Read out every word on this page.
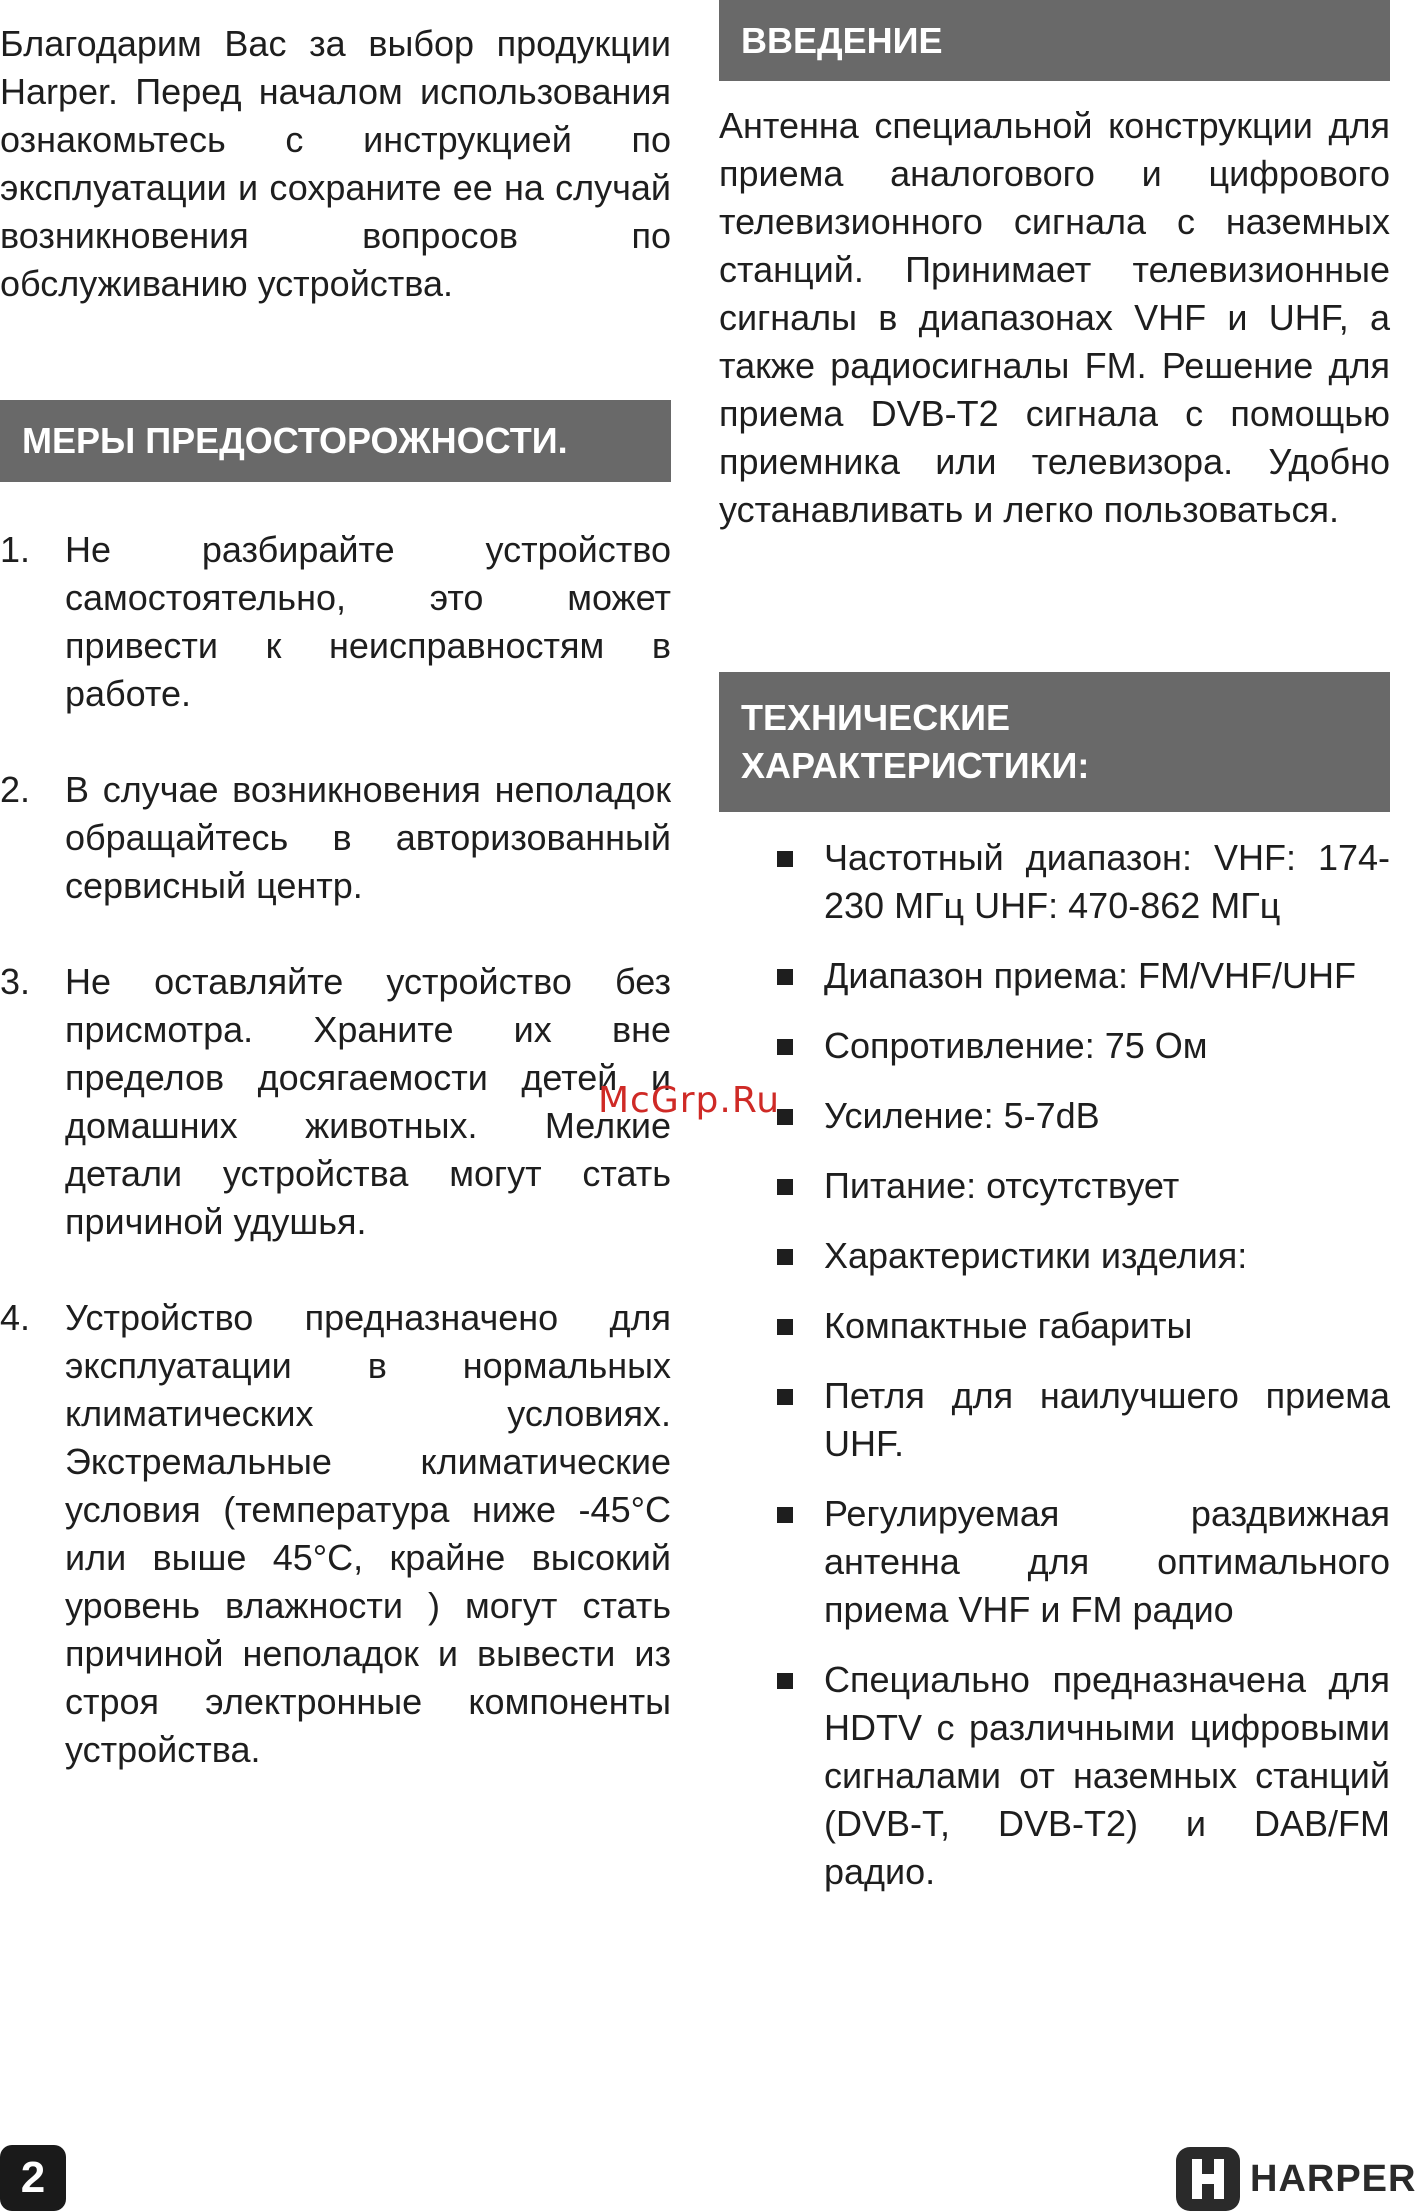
Благодарим Вас за выбор продукции Harper. Перед началом использования ознакомьтесь с инструкцией по эксплуатации и сохраните ее на случай возникновения вопросов по обслуживанию устройства.

МЕРЫ ПРЕДОСТОРОЖНОСТИ.
1. Не разбирайте устройство самостоятельно, это может привести к неисправностям в работе.
2. В случае возникновения неполадок обращайтесь в авторизованный сервисный центр.
3. Не оставляйте устройство без присмотра. Храните их вне пределов досягаемости детей и домашних животных. Мелкие детали устройства могут стать причиной удушья.
4. Устройство предназначено для эксплуатации в нормальных климатических условиях. Экстремальные климатические условия (температура ниже -45°С или выше 45°С, крайне высокий уровень влажности ) могут стать причиной неполадок и вывести из строя электронные компоненты устройства.
ВВЕДЕНИЕ

Антенна специальной конструкции для приема аналогового и цифрового телевизионного сигнала с наземных станций. Принимает телевизионные сигналы в диапазонах VHF и UHF, а также радиосигналы FM. Решение для приема DVB-T2 сигнала с помощью приемника или телевизора. Удобно устанавливать и легко пользоваться.

ТЕХНИЧЕСКИЕ ХАРАКТЕРИСТИКИ:
Частотный диапазон: VHF: 174-230 МГц UHF: 470-862 МГц
Диапазон приема: FM/VHF/UHF
Сопротивление: 75 Ом
Усиление: 5-7dB
Питание: отсутствует
Характеристики изделия:
Компактные габариты
Петля для наилучшего приема UHF.
Регулируемая раздвижная антенна для оптимального приема VHF и FM радио
Специально предназначена для HDTV с различными цифровыми сигналами от наземных станций (DVB-T, DVB-T2) и DAB/FM радио.
McGrp.Ru
2	HARPER
